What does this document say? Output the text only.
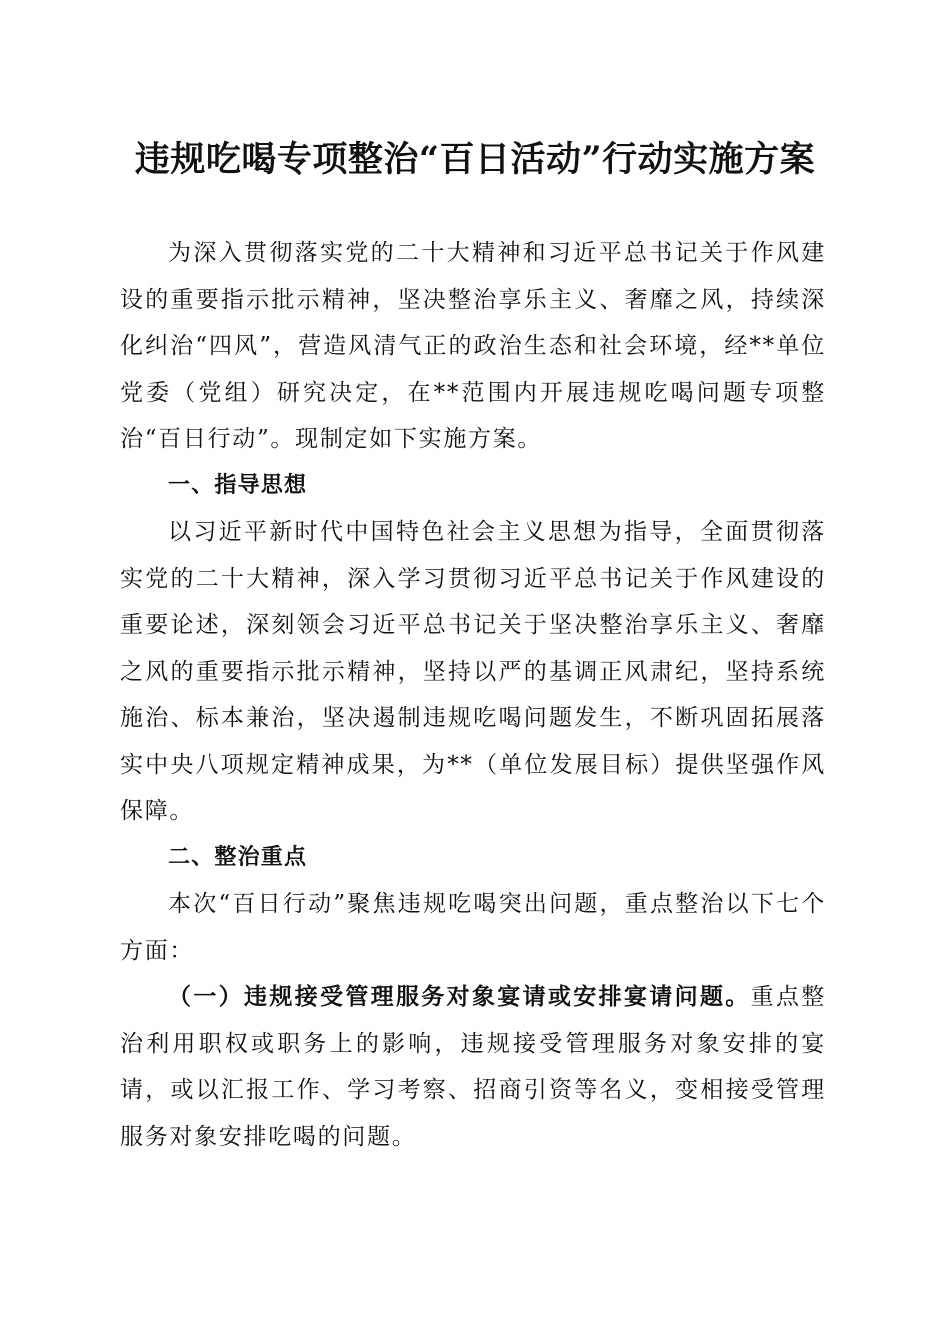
违规吃喝专项整治“百日活动”行动实施方案

为深入贯彻落实党的二十大精神和习近平总书记关于作风建设的重要指示批示精神，坚决整治享乐主义、奢靡之风，持续深化纠治“四风”，营造风清气正的政治生态和社会环境，经**单位党委（党组）研究决定，在**范围内开展违规吃喝问题专项整治“百日行动”。现制定如下实施方案。

一、指导思想

以习近平新时代中国特色社会主义思想为指导，全面贯彻落实党的二十大精神，深入学习贯彻习近平总书记关于作风建设的重要论述，深刻领会习近平总书记关于坚决整治享乐主义、奢靡之风的重要指示批示精神，坚持以严的基调正风肃纪，坚持系统施治、标本兼治，坚决遏制违规吃喝问题发生，不断巩固拓展落实中央八项规定精神成果，为**（单位发展目标）提供坚强作风保障。

二、整治重点

本次“百日行动”聚焦违规吃喝突出问题，重点整治以下七个方面：

（一）违规接受管理服务对象宴请或安排宴请问题。重点整治利用职权或职务上的影响，违规接受管理服务对象安排的宴请，或以汇报工作、学习考察、招商引资等名义，变相接受管理服务对象安排吃喝的问题。
